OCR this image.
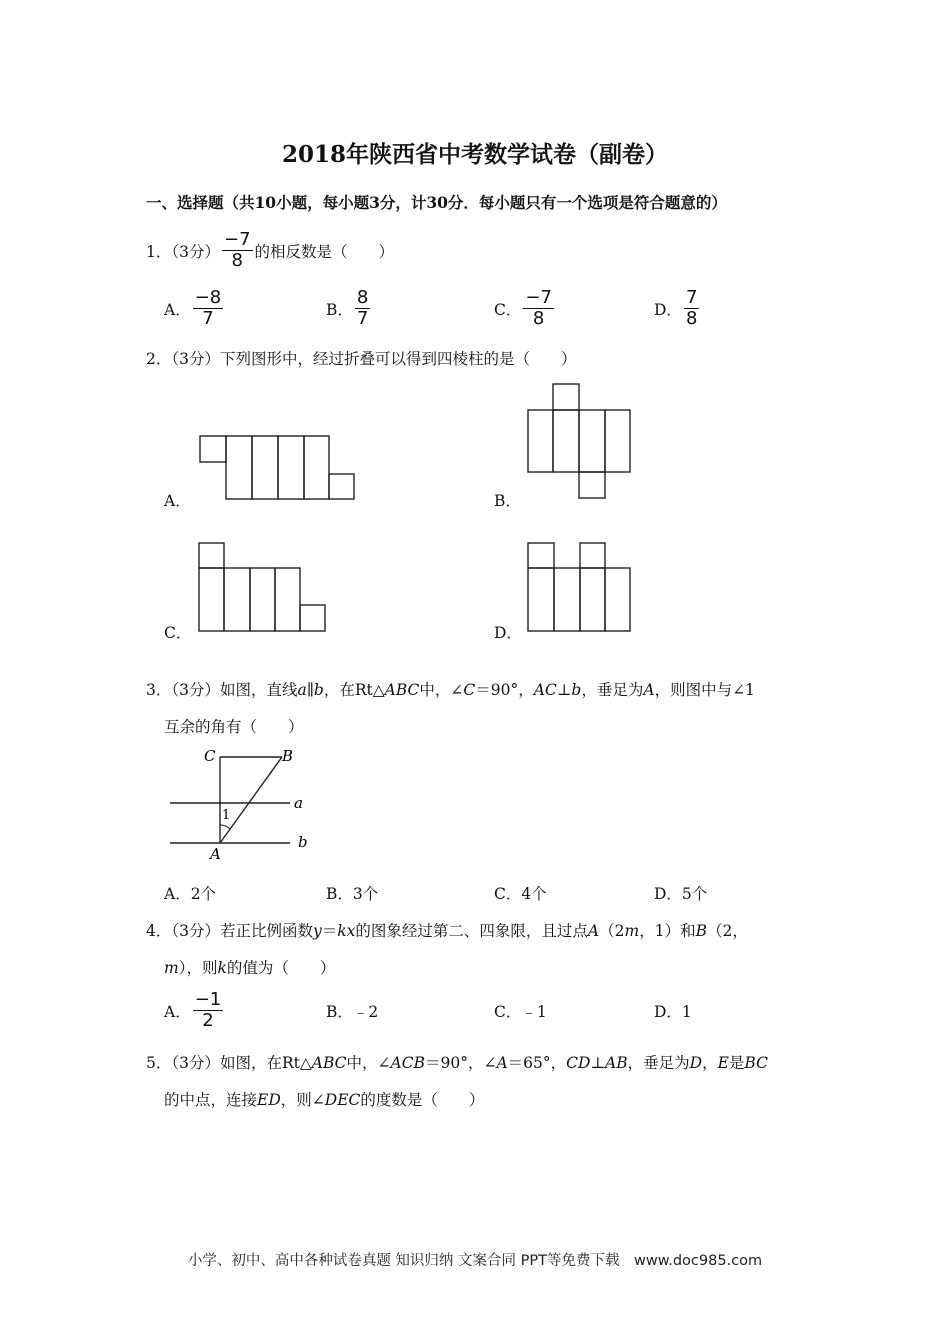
2018年陕西省中考数学试卷（副卷）
一、选择题（共10小题，每小题3分，计30分．每小题只有一个选项是符合题意的）
1．（3分） $\frac{-7}{8}$ 的相反数是（　　）
A． $\frac{-8}{7}$	B． $\frac{8}{7}$	C． $\frac{-7}{8}$	D． $\frac{7}{8}$
2．（3分）下列图形中，经过折叠可以得到四棱柱的是（　　）
A．	B．
C．	D．
3．（3分）如图，直线a∥b，在Rt△ABC中，∠C＝90°，AC⊥b，垂足为A，则图中与∠1
互余的角有（　　）
C	B
A
a
b
1
A．2个	B．3个	C．4个	D．5个
4．（3分）若正比例函数y＝kx的图象经过第二、四象限，且过点A（2m，1）和B（2，
m），则k的值为（　　）
A． $\frac{-1}{2}$	B．﹣2	C．﹣1	D．1
5．（3分）如图，在Rt△ABC中，∠ACB＝90°，∠A＝65°，CD⊥AB，垂足为D，E是BC
的中点，连接ED，则∠DEC的度数是（　　）
小学、初中、高中各种试卷真题 知识归纳 文案合同 PPT等免费下载　www.doc985.com
